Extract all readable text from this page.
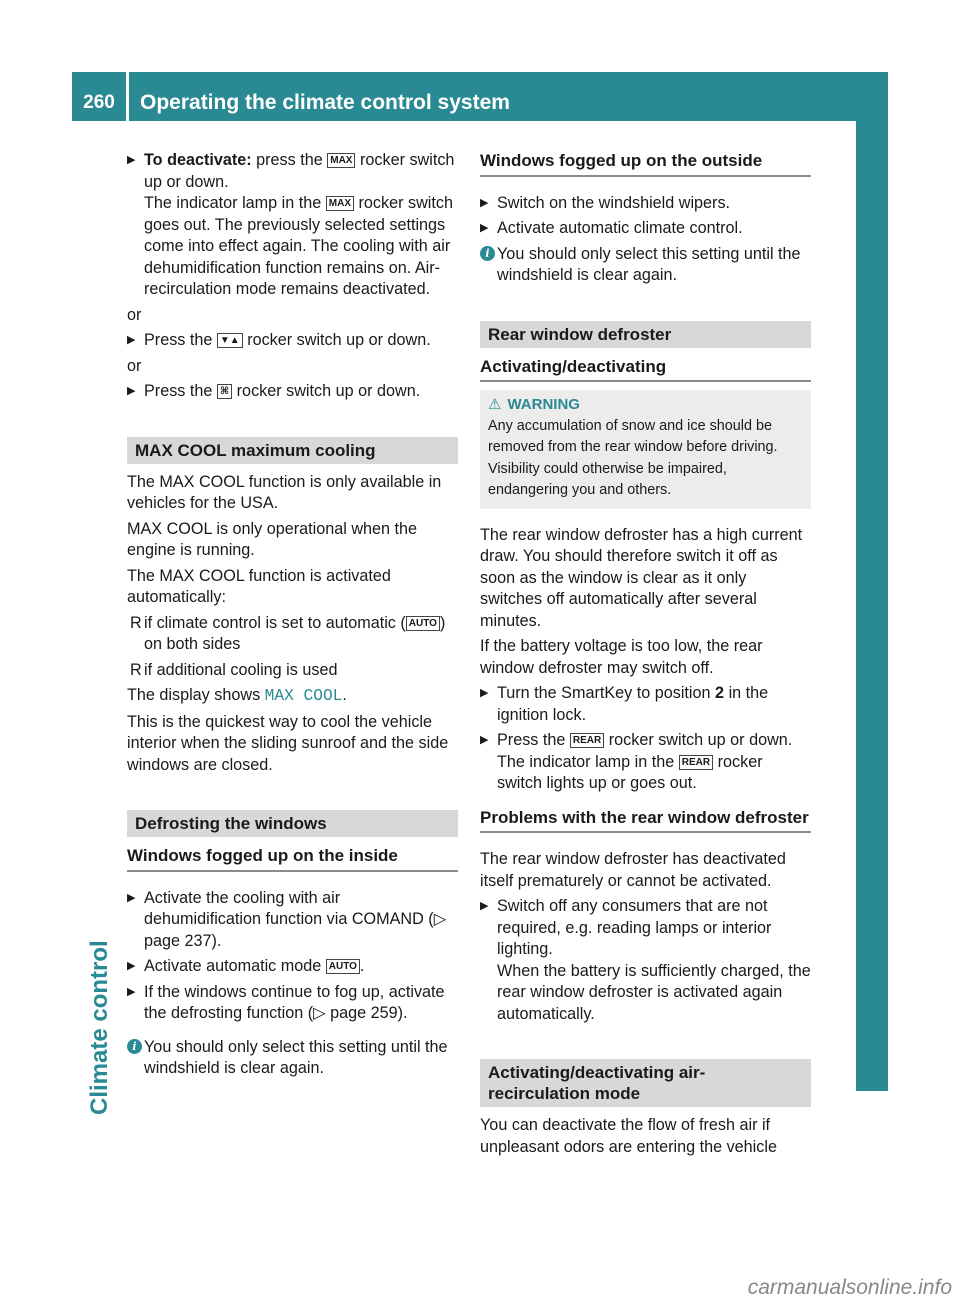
260	Operating the climate control system
Climate control
▶ To deactivate: press the MAX rocker switch up or down.
The indicator lamp in the MAX rocker switch goes out. The previously selected settings come into effect again. The cooling with air dehumidification function remains on. Air-recirculation mode remains deactivated.

or

▶ Press the ▼▲ rocker switch up or down.

or

▶ Press the ⌘ rocker switch up or down.
MAX COOL maximum cooling

The MAX COOL function is only available in vehicles for the USA.

MAX COOL is only operational when the engine is running.

The MAX COOL function is activated automatically:

R if climate control is set to automatic ( AUTO ) on both sides
R if additional cooling is used

The display shows MAX COOL.

This is the quickest way to cool the vehicle interior when the sliding sunroof and the side windows are closed.

Defrosting the windows
Windows fogged up on the inside
▶ Activate the cooling with air dehumidification function via COMAND (▷ page 237).
▶ Activate automatic mode AUTO .
▶ If the windows continue to fog up, activate the defrosting function (▷ page 259).
i You should only select this setting until the windshield is clear again.
Windows fogged up on the outside
▶ Switch on the windshield wipers.
▶ Activate automatic climate control.
i You should only select this setting until the windshield is clear again.
Rear window defroster
Activating/deactivating
⚠ WARNING
Any accumulation of snow and ice should be removed from the rear window before driving. Visibility could otherwise be impaired, endangering you and others.

The rear window defroster has a high current draw. You should therefore switch it off as soon as the window is clear as it only switches off automatically after several minutes.

If the battery voltage is too low, the rear window defroster may switch off.

▶ Turn the SmartKey to position 2 in the ignition lock.
▶ Press the REAR rocker switch up or down.
The indicator lamp in the REAR rocker switch lights up or goes out.
Problems with the rear window defroster

The rear window defroster has deactivated itself prematurely or cannot be activated.

▶ Switch off any consumers that are not required, e.g. reading lamps or interior lighting.
When the battery is sufficiently charged, the rear window defroster is activated again automatically.
Activating/deactivating air-recirculation mode

You can deactivate the flow of fresh air if unpleasant odors are entering the vehicle

carmanualsonline.info
